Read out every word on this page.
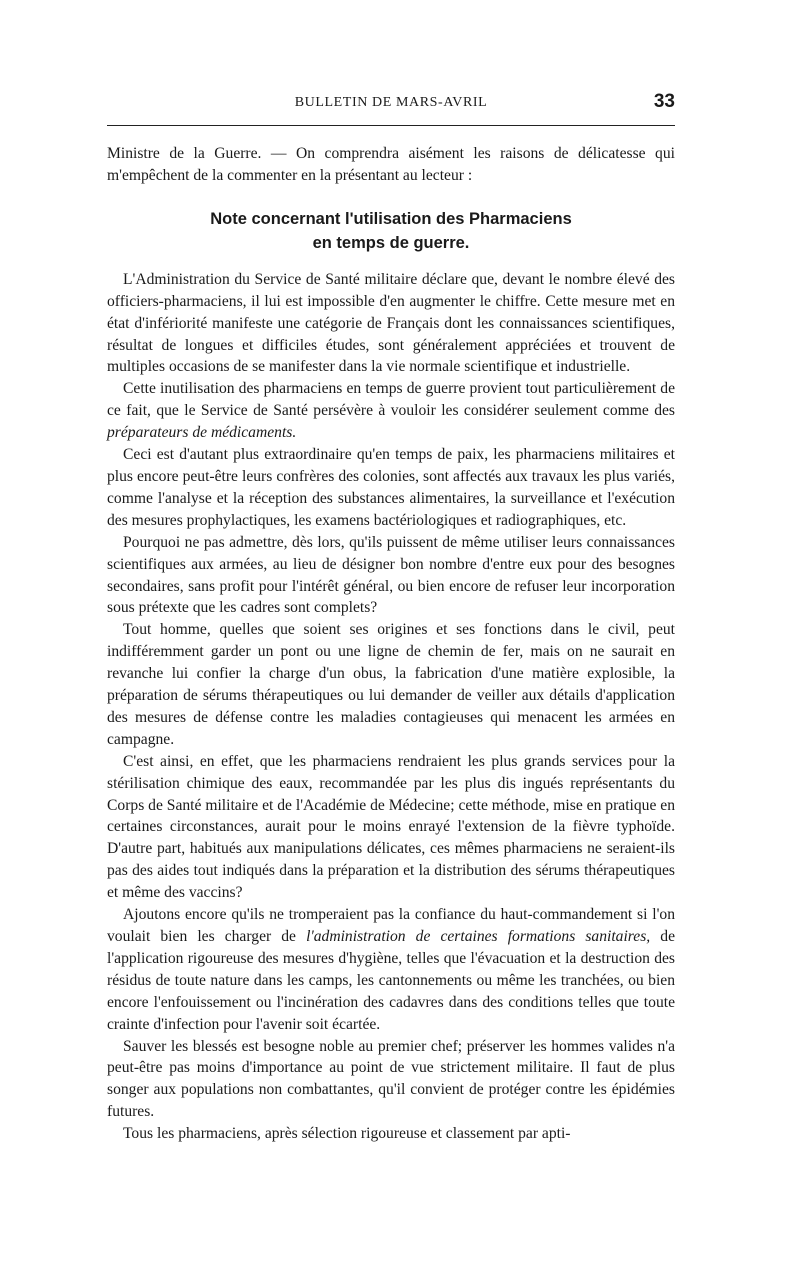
BULLETIN DE MARS-AVRIL	33

Ministre de la Guerre. — On comprendra aisément les raisons de délicatesse qui m'empêchent de la commenter en la présentant au lecteur :

Note concernant l'utilisation des Pharmaciens
en temps de guerre.

L'Administration du Service de Santé militaire déclare que, devant le nombre élevé des officiers-pharmaciens, il lui est impossible d'en augmenter le chiffre. Cette mesure met en état d'infériorité manifeste une catégorie de Français dont les connaissances scientifiques, résultat de longues et difficiles études, sont généralement appréciées et trouvent de multiples occasions de se manifester dans la vie normale scientifique et industrielle.

Cette inutilisation des pharmaciens en temps de guerre provient tout particulièrement de ce fait, que le Service de Santé persévère à vouloir les considérer seulement comme des préparateurs de médicaments.

Ceci est d'autant plus extraordinaire qu'en temps de paix, les pharmaciens militaires et plus encore peut-être leurs confrères des colonies, sont affectés aux travaux les plus variés, comme l'analyse et la réception des substances alimentaires, la surveillance et l'exécution des mesures prophylactiques, les examens bactériologiques et radiographiques, etc.

Pourquoi ne pas admettre, dès lors, qu'ils puissent de même utiliser leurs connaissances scientifiques aux armées, au lieu de désigner bon nombre d'entre eux pour des besognes secondaires, sans profit pour l'intérêt général, ou bien encore de refuser leur incorporation sous prétexte que les cadres sont complets?

Tout homme, quelles que soient ses origines et ses fonctions dans le civil, peut indifféremment garder un pont ou une ligne de chemin de fer, mais on ne saurait en revanche lui confier la charge d'un obus, la fabrication d'une matière explosible, la préparation de sérums thérapeutiques ou lui demander de veiller aux détails d'application des mesures de défense contre les maladies contagieuses qui menacent les armées en campagne.

C'est ainsi, en effet, que les pharmaciens rendraient les plus grands services pour la stérilisation chimique des eaux, recommandée par les plus dis ingués représentants du Corps de Santé militaire et de l'Académie de Médecine; cette méthode, mise en pratique en certaines circonstances, aurait pour le moins enrayé l'extension de la fièvre typhoïde. D'autre part, habitués aux manipulations délicates, ces mêmes pharmaciens ne seraient-ils pas des aides tout indiqués dans la préparation et la distribution des sérums thérapeutiques et même des vaccins?

Ajoutons encore qu'ils ne tromperaient pas la confiance du haut-commandement si l'on voulait bien les charger de l'administration de certaines formations sanitaires, de l'application rigoureuse des mesures d'hygiène, telles que l'évacuation et la destruction des résidus de toute nature dans les camps, les cantonnements ou même les tranchées, ou bien encore l'enfouissement ou l'incinération des cadavres dans des conditions telles que toute crainte d'infection pour l'avenir soit écartée.

Sauver les blessés est besogne noble au premier chef; préserver les hommes valides n'a peut-être pas moins d'importance au point de vue strictement militaire. Il faut de plus songer aux populations non combattantes, qu'il convient de protéger contre les épidémies futures.

Tous les pharmaciens, après sélection rigoureuse et classement par apti-
